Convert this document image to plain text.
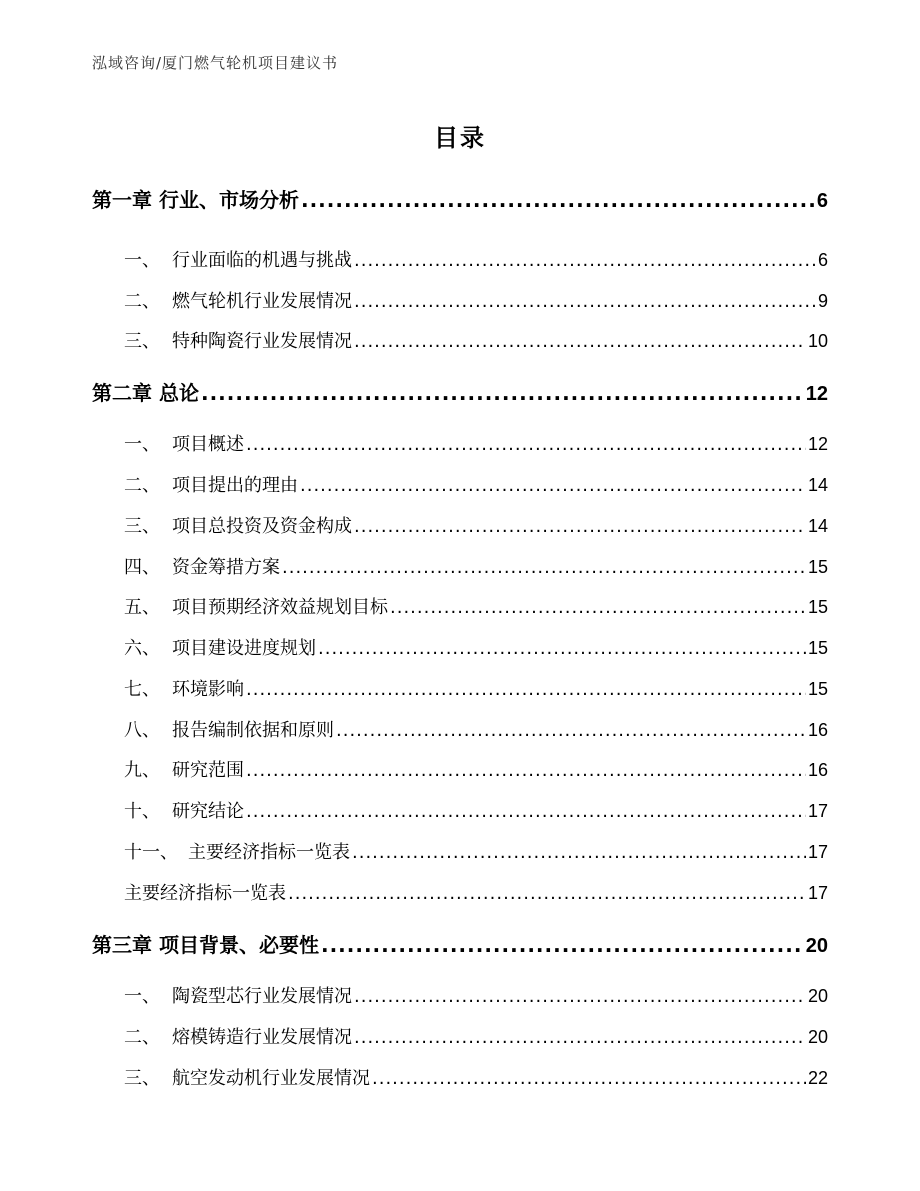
泓域咨询/厦门燃气轮机项目建议书
目录
第一章 行业、市场分析 .....	6
一、 行业面临的机遇与挑战 .....	6
二、 燃气轮机行业发展情况 .....	9
三、 特种陶瓷行业发展情况 .....	10
第二章 总论 .....	12
一、 项目概述 .....	12
二、 项目提出的理由 .....	14
三、 项目总投资及资金构成 .....	14
四、 资金筹措方案 .....	15
五、 项目预期经济效益规划目标 .....	15
六、 项目建设进度规划 .....	15
七、 环境影响 .....	15
八、 报告编制依据和原则 .....	16
九、 研究范围 .....	16
十、 研究结论 .....	17
十一、 主要经济指标一览表 .....	17
主要经济指标一览表 .....	17
第三章 项目背景、必要性 .....	20
一、 陶瓷型芯行业发展情况 .....	20
二、 熔模铸造行业发展情况 .....	20
三、 航空发动机行业发展情况 .....	22
